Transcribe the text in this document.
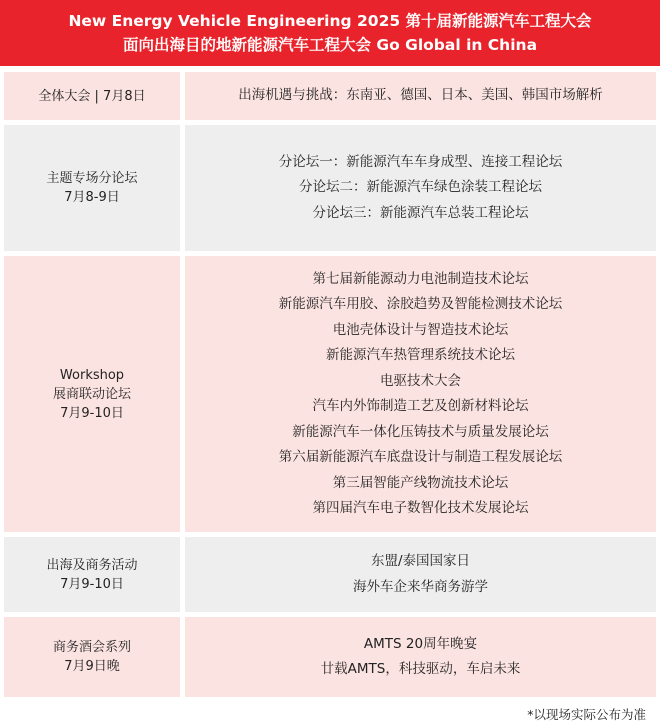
New Energy Vehicle Engineering 2025 第十届新能源汽车工程大会
面向出海目的地新能源汽车工程大会 Go Global in China
全体大会 | 7月8日	出海机遇与挑战：东南亚、德国、日本、美国、韩国市场解析
主题专场分论坛
7月8-9日
分论坛一：新能源汽车车身成型、连接工程论坛
分论坛二：新能源汽车绿色涂装工程论坛
分论坛三：新能源汽车总装工程论坛
Workshop
展商联动论坛
7月9-10日
第七届新能源动力电池制造技术论坛
新能源汽车用胶、涂胶趋势及智能检测技术论坛
电池壳体设计与智造技术论坛
新能源汽车热管理系统技术论坛
电驱技术大会
汽车内外饰制造工艺及创新材料论坛
新能源汽车一体化压铸技术与质量发展论坛
第六届新能源汽车底盘设计与制造工程发展论坛
第三届智能产线物流技术论坛
第四届汽车电子数智化技术发展论坛
出海及商务活动
7月9-10日
东盟/泰国国家日
海外车企来华商务游学
商务酒会系列
7月9日晚
AMTS 20周年晚宴
廿载AMTS，科技驱动，车启未来
*以现场实际公布为准
